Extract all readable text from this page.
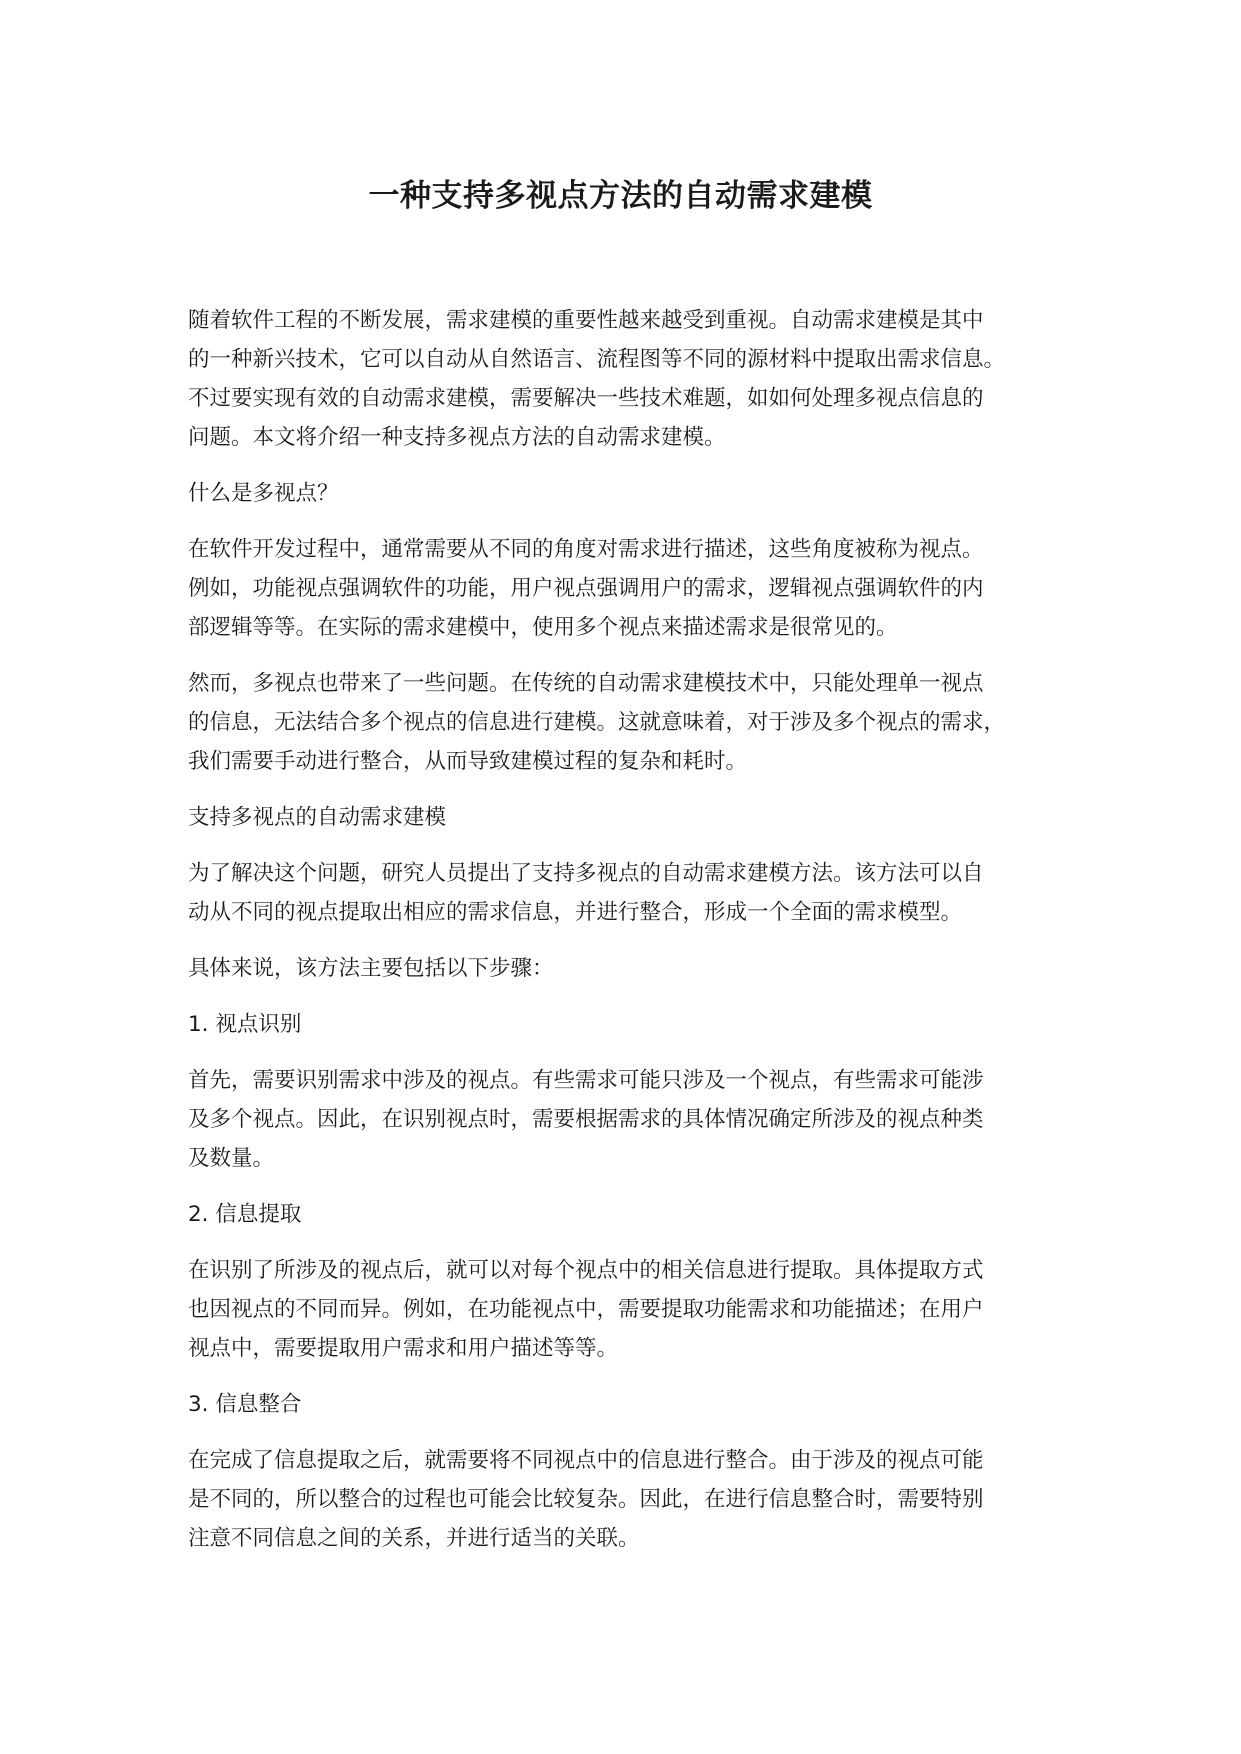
一种支持多视点方法的自动需求建模
随着软件工程的不断发展，需求建模的重要性越来越受到重视。自动需求建模是其中
的一种新兴技术，它可以自动从自然语言、流程图等不同的源材料中提取出需求信息。
不过要实现有效的自动需求建模，需要解决一些技术难题，如如何处理多视点信息的
问题。本文将介绍一种支持多视点方法的自动需求建模。
什么是多视点？
在软件开发过程中，通常需要从不同的角度对需求进行描述，这些角度被称为视点。
例如，功能视点强调软件的功能，用户视点强调用户的需求，逻辑视点强调软件的内
部逻辑等等。在实际的需求建模中，使用多个视点来描述需求是很常见的。
然而，多视点也带来了一些问题。在传统的自动需求建模技术中，只能处理单一视点
的信息，无法结合多个视点的信息进行建模。这就意味着，对于涉及多个视点的需求，
我们需要手动进行整合，从而导致建模过程的复杂和耗时。
支持多视点的自动需求建模
为了解决这个问题，研究人员提出了支持多视点的自动需求建模方法。该方法可以自
动从不同的视点提取出相应的需求信息，并进行整合，形成一个全面的需求模型。
具体来说，该方法主要包括以下步骤：
1. 视点识别
首先，需要识别需求中涉及的视点。有些需求可能只涉及一个视点，有些需求可能涉
及多个视点。因此，在识别视点时，需要根据需求的具体情况确定所涉及的视点种类
及数量。
2. 信息提取
在识别了所涉及的视点后，就可以对每个视点中的相关信息进行提取。具体提取方式
也因视点的不同而异。例如，在功能视点中，需要提取功能需求和功能描述；在用户
视点中，需要提取用户需求和用户描述等等。
3. 信息整合
在完成了信息提取之后，就需要将不同视点中的信息进行整合。由于涉及的视点可能
是不同的，所以整合的过程也可能会比较复杂。因此，在进行信息整合时，需要特别
注意不同信息之间的关系，并进行适当的关联。
